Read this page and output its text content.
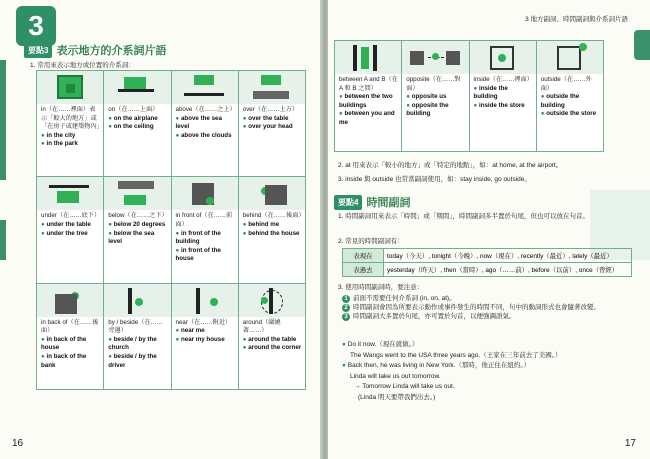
3
要點3 表示地方的介系詞片語
1. 常用來表示地方或位置的介系詞：
in（在……裡面）表示「較大的地方」或「在房子或建築物內」
● in the city
● in the park
on（在……上面）
● on the airplane
● on the ceiling
above（在……之上）
● above the sea level
● above the clouds
over（在……上方）
● over the table
● over your head
under（在……底下）
● under the table
● under the tree
below（在……之下）
● below 20 degrees
● below the sea level
in front of（在……前面）
● in front of the building
● in front of the house
behind（在……後面）
● behind me
● behind the house
in back of（在……後面）
● in back of the house
● in back of the bank
by / beside（在……旁邊）
● beside / by the church
● beside / by the driver
near（在……附近）
● near me
● near my house
around（圍繞著……）
● around the table
● around the corner
16
3 地方副詞、時間副詞與介系詞片語
between A and B（在 A 和 B 之間）
● between the two buildings
● between you and me
opposite（在……對面）
● opposite us
● opposite the building
inside（在……裡面）
● inside the building
● inside the store
outside（在……外面）
● outside the building
● outside the store
2. at 用來表示「較小的地方」或「特定的地點」，如：at home, at the airport。
3. inside 與 outside 也常當副詞使用，如：stay inside, go outside。
要點4 時間副詞
1. 時間副詞用來表示「時間」或「期間」，時間副詞多半置於句尾，但也可以放在句首。
2. 常見的時間副詞有：
表現在	today（今天）, tonight（今晚）, now（現在）, recently（最近）, lately（最近）
表過去	yesterday（昨天）, then（當時）, ago（……前）, before（以前）, once（曾經）
3. 使用時間副詞時，要注意：
1 前面不需要任何介系詞 (in, on, at)。
2 時間副詞會因為所要表示動作或事件發生的時間不同，句中的動詞形式也會隨著改變。
3 時間副詞大多置於句尾，亦可置於句首，以便強調語氣。
● Do it now.（現在就做。）
The Wangs went to the USA three years ago.（王家在三年前去了美國。）
● Back then, he was living in New York.（那時，他正住在紐約。）
Linda will take us out tomorrow.
→ Tomorrow Linda will take us out.
(Linda 明天要帶我們出去。)
17
